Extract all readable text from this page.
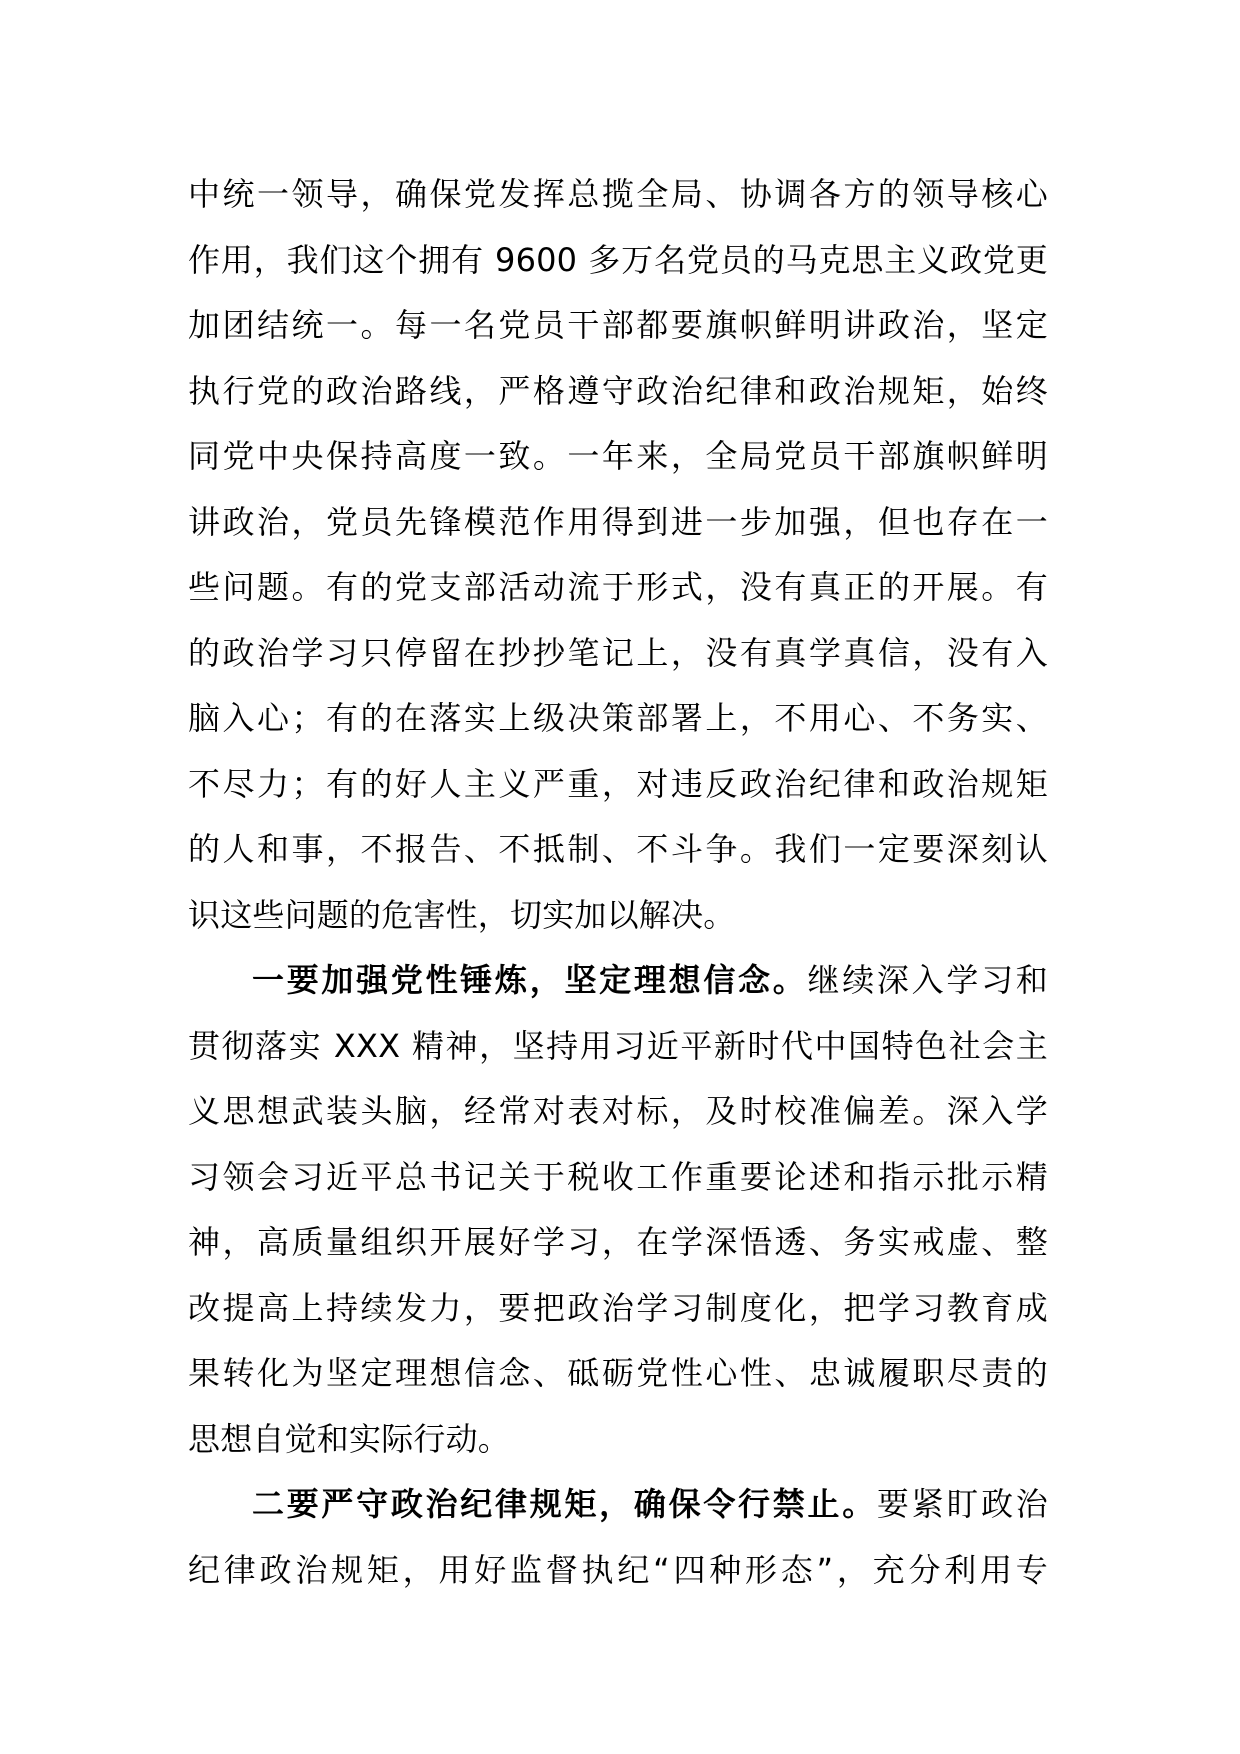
中统一领导，确保党发挥总揽全局、协调各方的领导核心
作用，我们这个拥有 9600 多万名党员的马克思主义政党更
加团结统一。每一名党员干部都要旗帜鲜明讲政治，坚定
执行党的政治路线，严格遵守政治纪律和政治规矩，始终
同党中央保持高度一致。一年来，全局党员干部旗帜鲜明
讲政治，党员先锋模范作用得到进一步加强，但也存在一
些问题。有的党支部活动流于形式，没有真正的开展。有
的政治学习只停留在抄抄笔记上，没有真学真信，没有入
脑入心；有的在落实上级决策部署上，不用心、不务实、
不尽力；有的好人主义严重，对违反政治纪律和政治规矩
的人和事，不报告、不抵制、不斗争。我们一定要深刻认
识这些问题的危害性，切实加以解决。
一要加强党性锤炼，坚定理想信念。继续深入学习和
贯彻落实 XXX 精神，坚持用习近平新时代中国特色社会主
义思想武装头脑，经常对表对标，及时校准偏差。深入学
习领会习近平总书记关于税收工作重要论述和指示批示精
神，高质量组织开展好学习，在学深悟透、务实戒虚、整
改提高上持续发力，要把政治学习制度化，把学习教育成
果转化为坚定理想信念、砥砺党性心性、忠诚履职尽责的
思想自觉和实际行动。
二要严守政治纪律规矩，确保令行禁止。要紧盯政治
纪律政治规矩，用好监督执纪“四种形态”，充分利用专
